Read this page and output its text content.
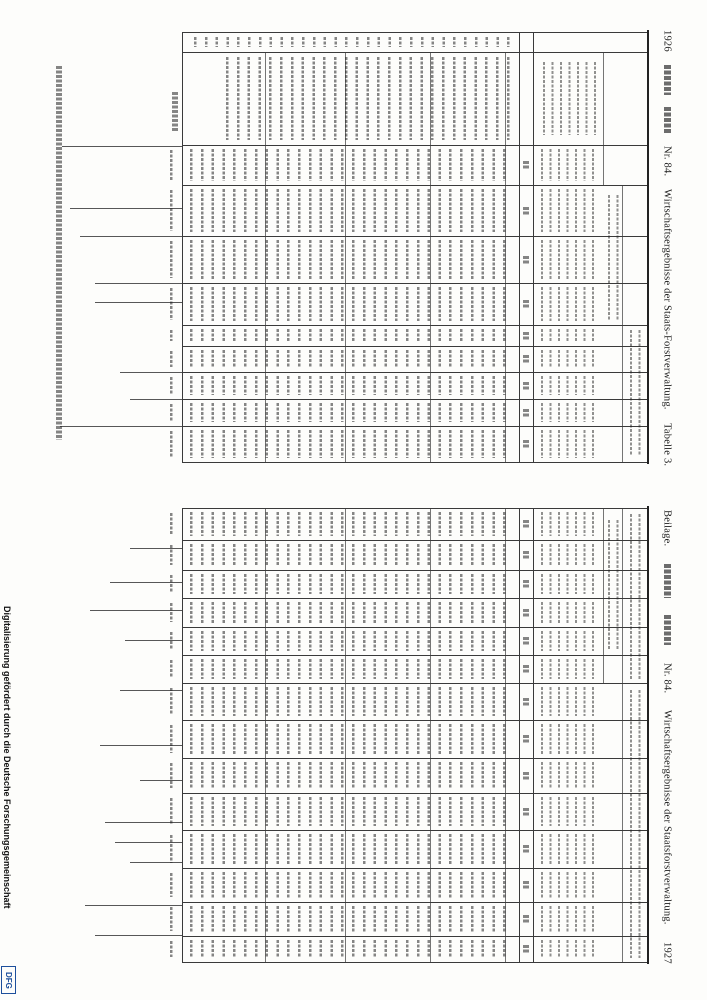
1926
Nr. 84.
Wirtschaftsergebnisse der Staats-Forstverwaltung.
Tabelle 3.
Beilage.
Nr. 84.
Wirtschaftsergebnisse der Staatsforstverwaltung.
1927
Digitalisierung gefördert durch die Deutsche Forschungsgemeinschaft
DFG
